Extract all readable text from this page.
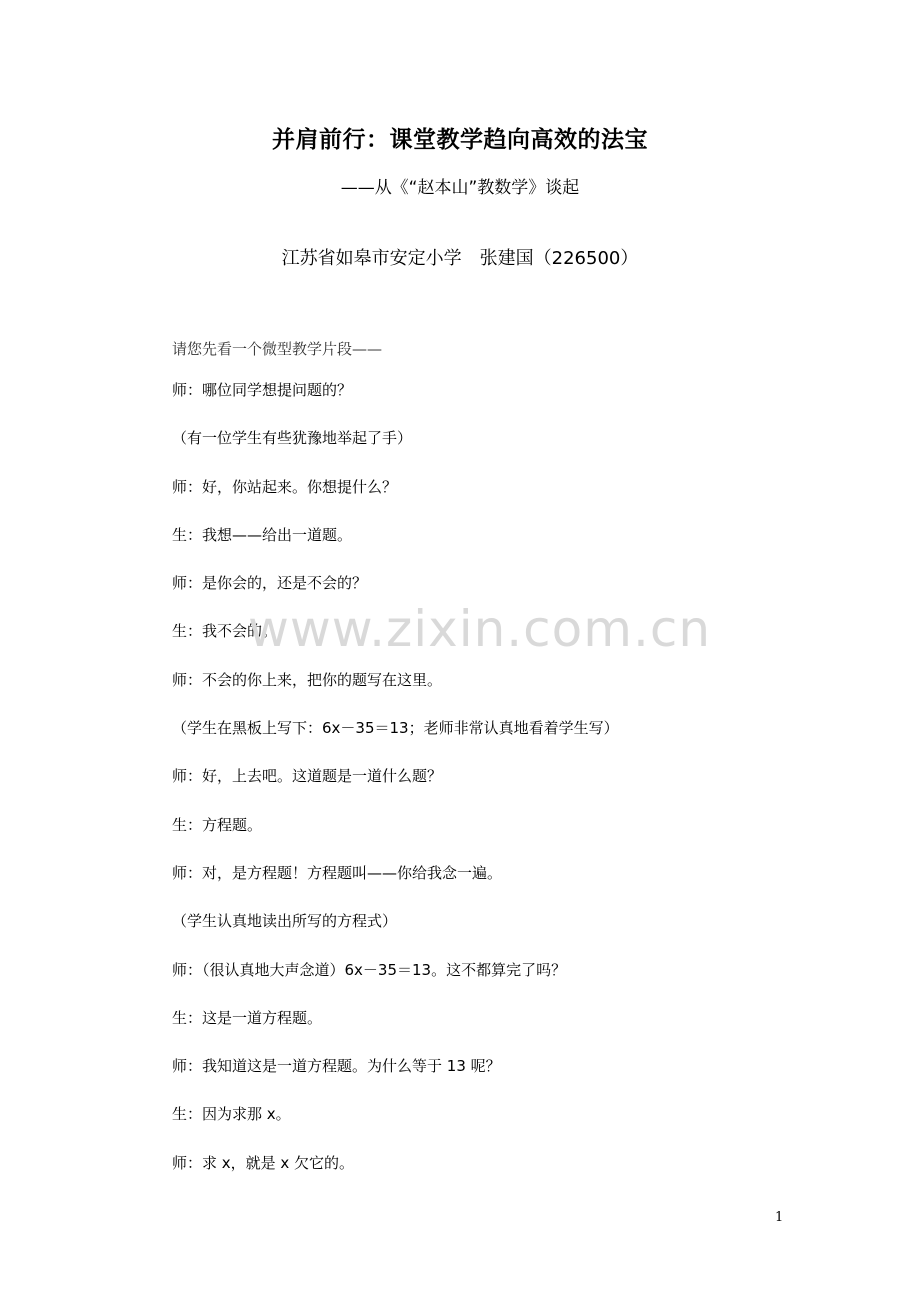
并肩前行：课堂教学趋向高效的法宝
——从《“赵本山”教数学》谈起
江苏省如皋市安定小学　张建国（226500）
请您先看一个微型教学片段——
师：哪位同学想提问题的？
（有一位学生有些犹豫地举起了手）
师：好，你站起来。你想提什么？
生：我想——给出一道题。
师：是你会的，还是不会的？
生：我不会的。
师：不会的你上来，把你的题写在这里。
（学生在黑板上写下：6x－35＝13；老师非常认真地看着学生写）
师：好，上去吧。这道题是一道什么题？
生：方程题。
师：对，是方程题！方程题叫——你给我念一遍。
（学生认真地读出所写的方程式）
师：（很认真地大声念道）6x－35＝13。这不都算完了吗？
生：这是一道方程题。
师：我知道这是一道方程题。为什么等于 13 呢？
生：因为求那 x。
师：求 x，就是 x 欠它的。
www.zixin.com.cn
1
